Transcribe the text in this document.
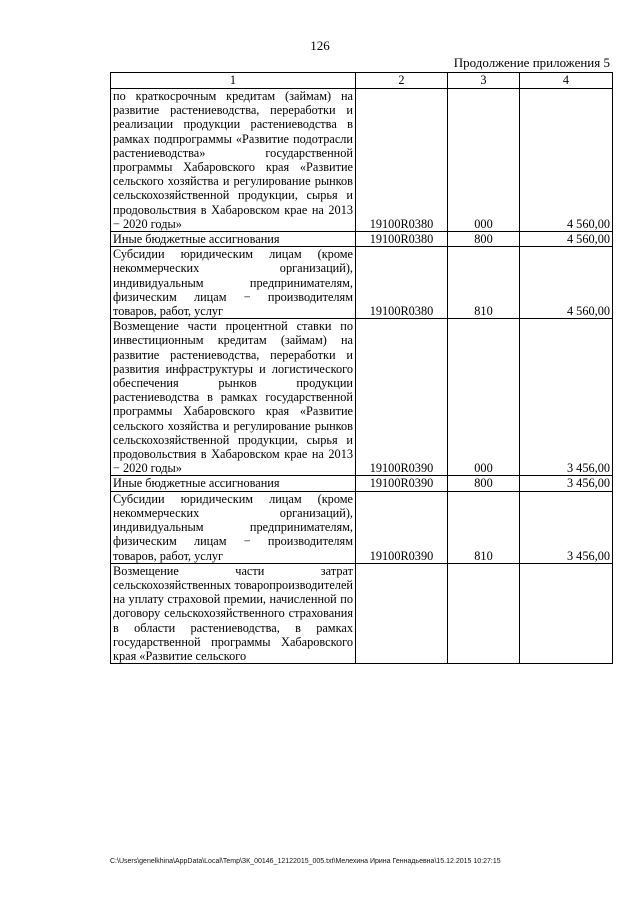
126
Продолжение приложения 5
1	2	3	4
по краткосрочным кредитам (займам) на развитие растениеводства, переработки и реализации продукции растениеводства в рамках подпрограммы «Развитие подотрасли растениеводства» государственной программы Хабаровского края «Развитие сельского хозяйства и регулирование рынков сельскохозяйственной продукции, сырья и продовольствия в Хабаровском крае на 2013 − 2020 годы»	19100R0380	000	4 560,00
Иные бюджетные ассигнования	19100R0380	800	4 560,00
Субсидии юридическим лицам (кроме некоммерческих организаций), индивидуальным предпринимателям, физическим лицам − производителям товаров, работ, услуг	19100R0380	810	4 560,00
Возмещение части процентной ставки по инвестиционным кредитам (займам) на развитие растениеводства, переработки и развития инфраструктуры и логистического обеспечения рынков продукции растениеводства в рамках государственной программы Хабаровского края «Развитие сельского хозяйства и регулирование рынков сельскохозяйственной продукции, сырья и продовольствия в Хабаровском крае на 2013 − 2020 годы»	19100R0390	000	3 456,00
Иные бюджетные ассигнования	19100R0390	800	3 456,00
Субсидии юридическим лицам (кроме некоммерческих организаций), индивидуальным предпринимателям, физическим лицам − производителям товаров, работ, услуг	19100R0390	810	3 456,00
Возмещение части затрат сельскохозяйственных товаропроизводителей на уплату страховой премии, начисленной по договору сельскохозяйственного страхования в области растениеводства, в рамках государственной программы Хабаровского края «Развитие сельского			
C:\Users\genelkhina\AppData\Local\Temp\ЗК_00146_12122015_005.txt\Мелехина Ирина Геннадьевна\15.12.2015 10:27:15
